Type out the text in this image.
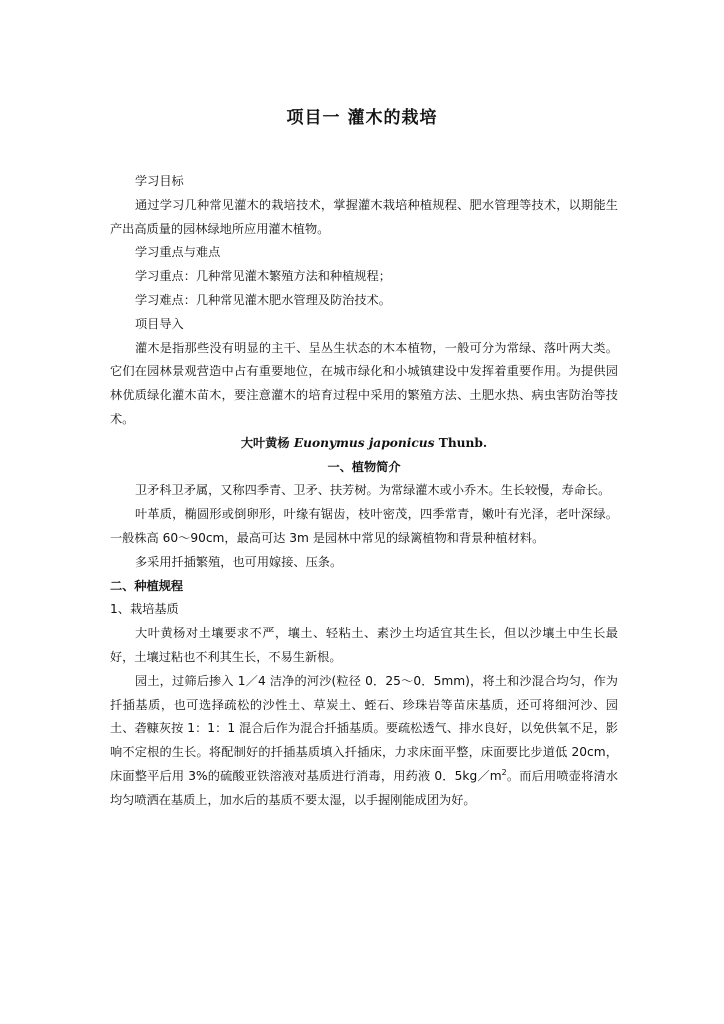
项目一 灌木的栽培

学习目标

通过学习几种常见灌木的栽培技术，掌握灌木栽培种植规程、肥水管理等技术，以期能生产出高质量的园林绿地所应用灌木植物。

学习重点与难点

学习重点：几种常见灌木繁殖方法和种植规程；

学习难点：几种常见灌木肥水管理及防治技术。

项目导入

灌木是指那些没有明显的主干、呈丛生状态的木本植物，一般可分为常绿、落叶两大类。它们在园林景观营造中占有重要地位，在城市绿化和小城镇建设中发挥着重要作用。为提供园林优质绿化灌木苗木，要注意灌木的培育过程中采用的繁殖方法、土肥水热、病虫害防治等技术。

大叶黄杨 Euonymus japonicus Thunb.

一、植物简介

卫矛科卫矛属，又称四季青、卫矛、扶芳树。为常绿灌木或小乔木。生长较慢，寿命长。

叶革质，椭圆形或倒卵形，叶缘有锯齿，枝叶密茂，四季常青，嫩叶有光泽，老叶深绿。一般株高 60～90cm，最高可达 3m 是园林中常见的绿篱植物和背景种植材料。

多采用扦插繁殖，也可用嫁接、压条。

二、种植规程

1、栽培基质

大叶黄杨对土壤要求不严，壤土、轻粘土、素沙土均适宜其生长，但以沙壤土中生长最好，土壤过粘也不利其生长，不易生新根。

园土，过筛后掺入 1／4 洁净的河沙(粒径 0．25～0．5mm)，将土和沙混合均匀，作为扦插基质，也可选择疏松的沙性土、草炭土、蛭石、珍珠岩等苗床基质，还可将细河沙、园土、砻糠灰按 1：1：1 混合后作为混合扦插基质。要疏松透气、排水良好，以免供氧不足，影响不定根的生长。将配制好的扦插基质填入扦插床，力求床面平整，床面要比步道低 20cm，床面整平后用 3%的硫酸亚铁溶液对基质进行消毒，用药液 0．$5kg/m^2$。而后用喷壶将清水均匀喷洒在基质上，加水后的基质不要太湿，以手握刚能成团为好。
